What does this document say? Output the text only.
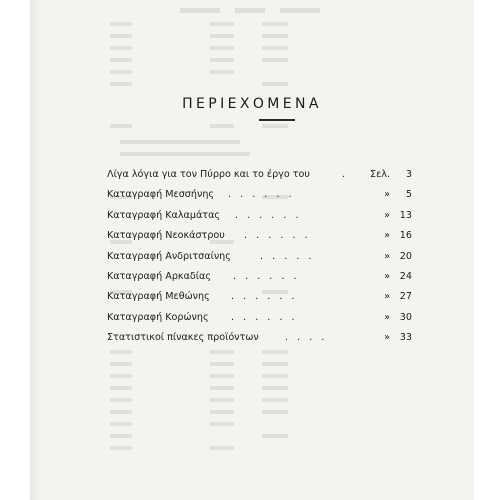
ΠΕΡΙΕΧΟΜΕΝΑ
Λίγα λόγια για τον Πύρρο και το έργο του	. Σελ.	3
Καταγραφή Μεσσήνης . . . . . .	»	5
Καταγραφή Καλαμάτας . . . . . .	»	13
Καταγραφή Νεοκάστρου . . . . . .	»	16
Καταγραφή Ανδριτσαίνης	. . . . .	»	20
Καταγραφή Αρκαδίας . . . . . .	»	24
Καταγραφή Μεθώνης . . . . . .	»	27
Καταγραφή Κορώνης . . . . . .	»	30
Στατιστικοί πίνακες προϊόντων	. . . .	»	33
